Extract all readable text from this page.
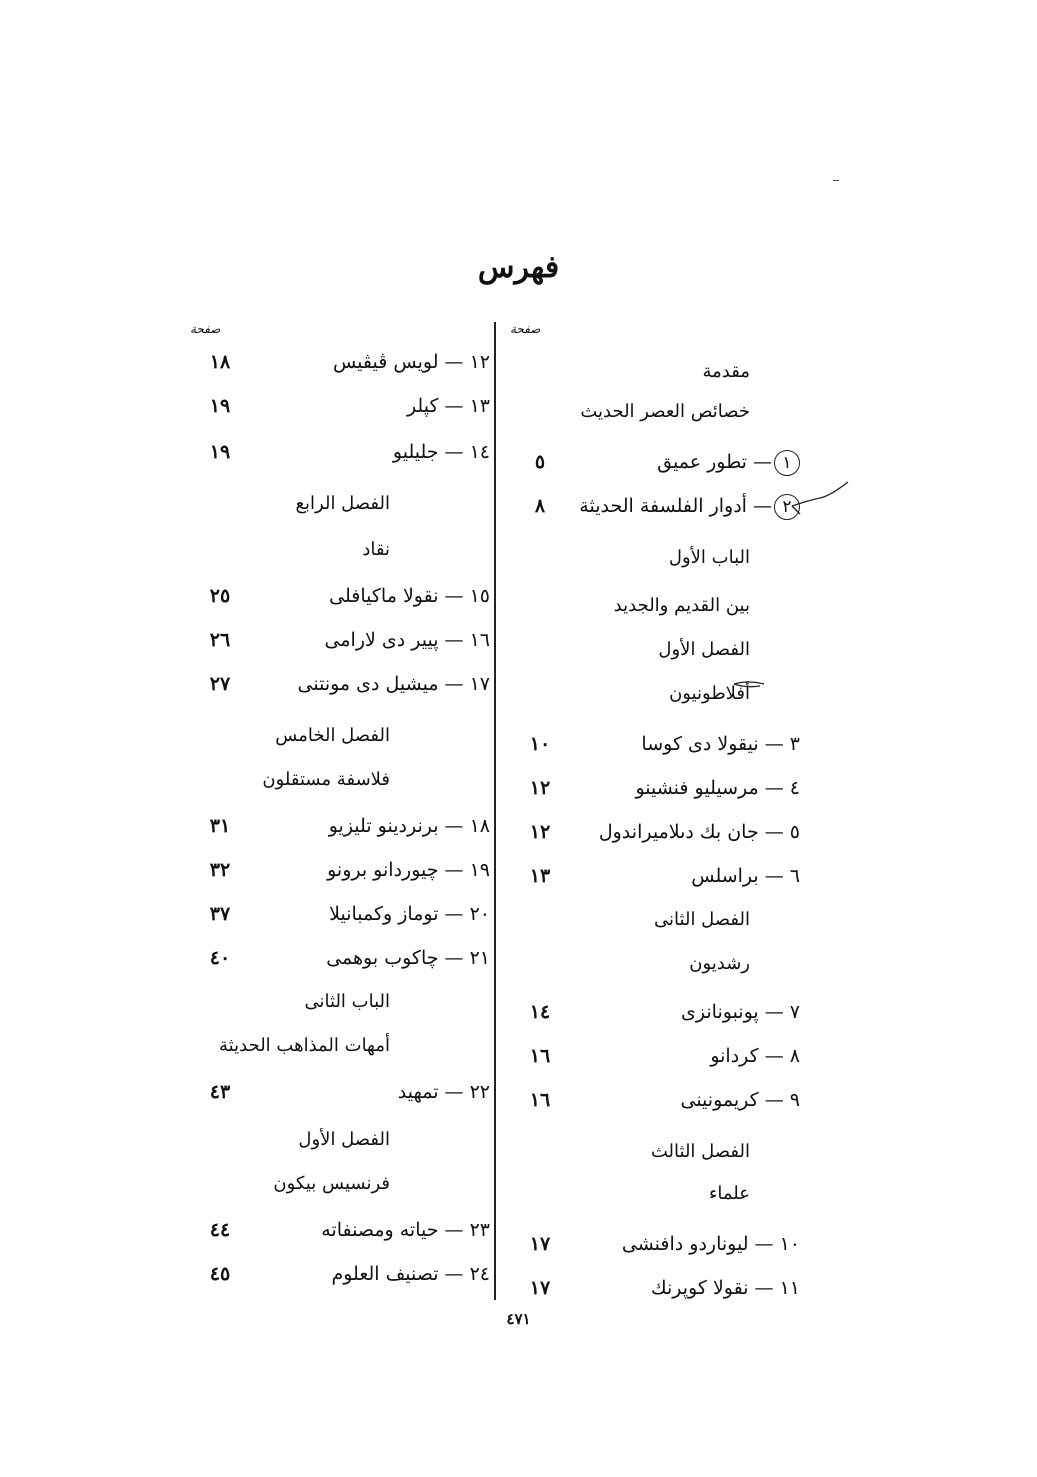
فهرس
صفحة
مقدمة
خصائص العصر الحديث
١— تطور عميق
٥
٢— أدوار الفلسفة الحديثة
٨
الباب الأول
بين القديم والجديد
الفصل الأول
أفلاطونيون
٣ — نيقولا دى كوسا
١٠
٤ — مرسيليو فنشينو
١٢
٥ — جان بك دىلاميراندول
١٢
٦ — براسلس
١٣
الفصل الثانى
رشديون
٧ — پونبونانزى
١٤
٨ — كردانو
١٦
٩ — كريمونينى
١٦
الفصل الثالث
علماء
١٠ — ليوناردو دافنشى
١٧
١١ — نقولا كوپرنك
١٧
صفحة
١٢ — لويس ڤيڤيس
١٨
١٣ — كپلر
١٩
١٤ — جليليو
١٩
الفصل الرابع
نقاد
١٥ — نقولا ماكيافلى
٢٥
١٦ — پيير دى لارامى
٢٦
١٧ — ميشيل دى مونتنى
٢٧
الفصل الخامس
فلاسفة مستقلون
١٨ — برنردينو تليزيو
٣١
١٩ — چيوردانو برونو
٣٢
٢٠ — توماز وكمبانيلا
٣٧
٢١ — چاكوب بوهمى
٤٠
الباب الثانى
أمهات المذاهب الحديثة
٢٢ — تمهيد
٤٣
الفصل الأول
فرنسيس بيكون
٢٣ — حياته ومصنفاته
٤٤
٢٤ — تصنيف العلوم
٤٥
٤٧١
